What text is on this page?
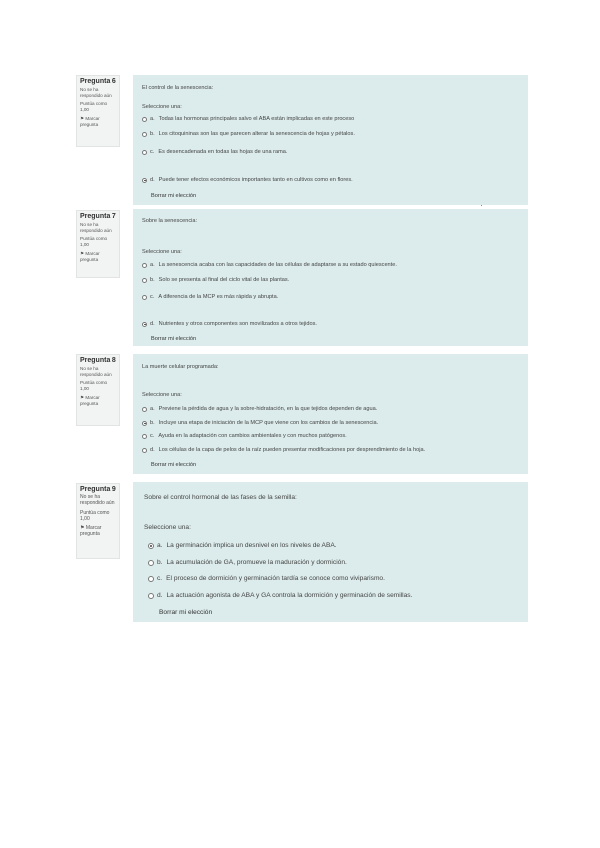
Pregunta 6
No se ha respondido aún
Puntúa como 1,00
⚑ Marcar pregunta
El control de la senescencia:
Seleccione una:
a. Todas las hormonas principales salvo el ABA están implicadas en este proceso
b. Los citoquininas son las que parecen alterar la senescencia de hojas y pétalos.
c. Es desencadenada en todas las hojas de una rama.
d. Puede tener efectos económicos importantes tanto en cultivos como en flores.
Borrar mi elección
Pregunta 7
No se ha respondido aún
Puntúa como 1,00
⚑ Marcar pregunta
Sobre la senescencia:
Seleccione una:
a. La senescencia acaba con las capacidades de las células de adaptarse a su estado quiescente.
b. Solo se presenta al final del ciclo vital de las plantas.
c. A diferencia de la MCP es más rápida y abrupta.
d. Nutrientes y otros componentes son movilizados a otros tejidos.
Borrar mi elección
Pregunta 8
No se ha respondido aún
Puntúa como 1,00
⚑ Marcar pregunta
La muerte celular programada:
Seleccione una:
a. Previene la pérdida de agua y la sobre-hidratación, en la que tejidos dependen de agua.
b. Incluye una etapa de iniciación de la MCP que viene con los cambios de la senescencia.
c. Ayuda en la adaptación con cambios ambientales y con muchos patógenos.
d. Los células de la capa de pelos de la raíz pueden presentar modificaciones por desprendimiento de la hoja.
Borrar mi elección
Pregunta 9
No se ha respondido aún
Puntúa como 1,00
⚑ Marcar pregunta
Sobre el control hormonal de las fases de la semilla:
Seleccione una:
a. La germinación implica un desnivel en los niveles de ABA.
b. La acumulación de GA, promueve la maduración y dormición.
c. El proceso de dormición y germinación tardía se conoce como viviparismo.
d. La actuación agonista de ABA y GA controla la dormición y germinación de semillas.
Borrar mi elección
